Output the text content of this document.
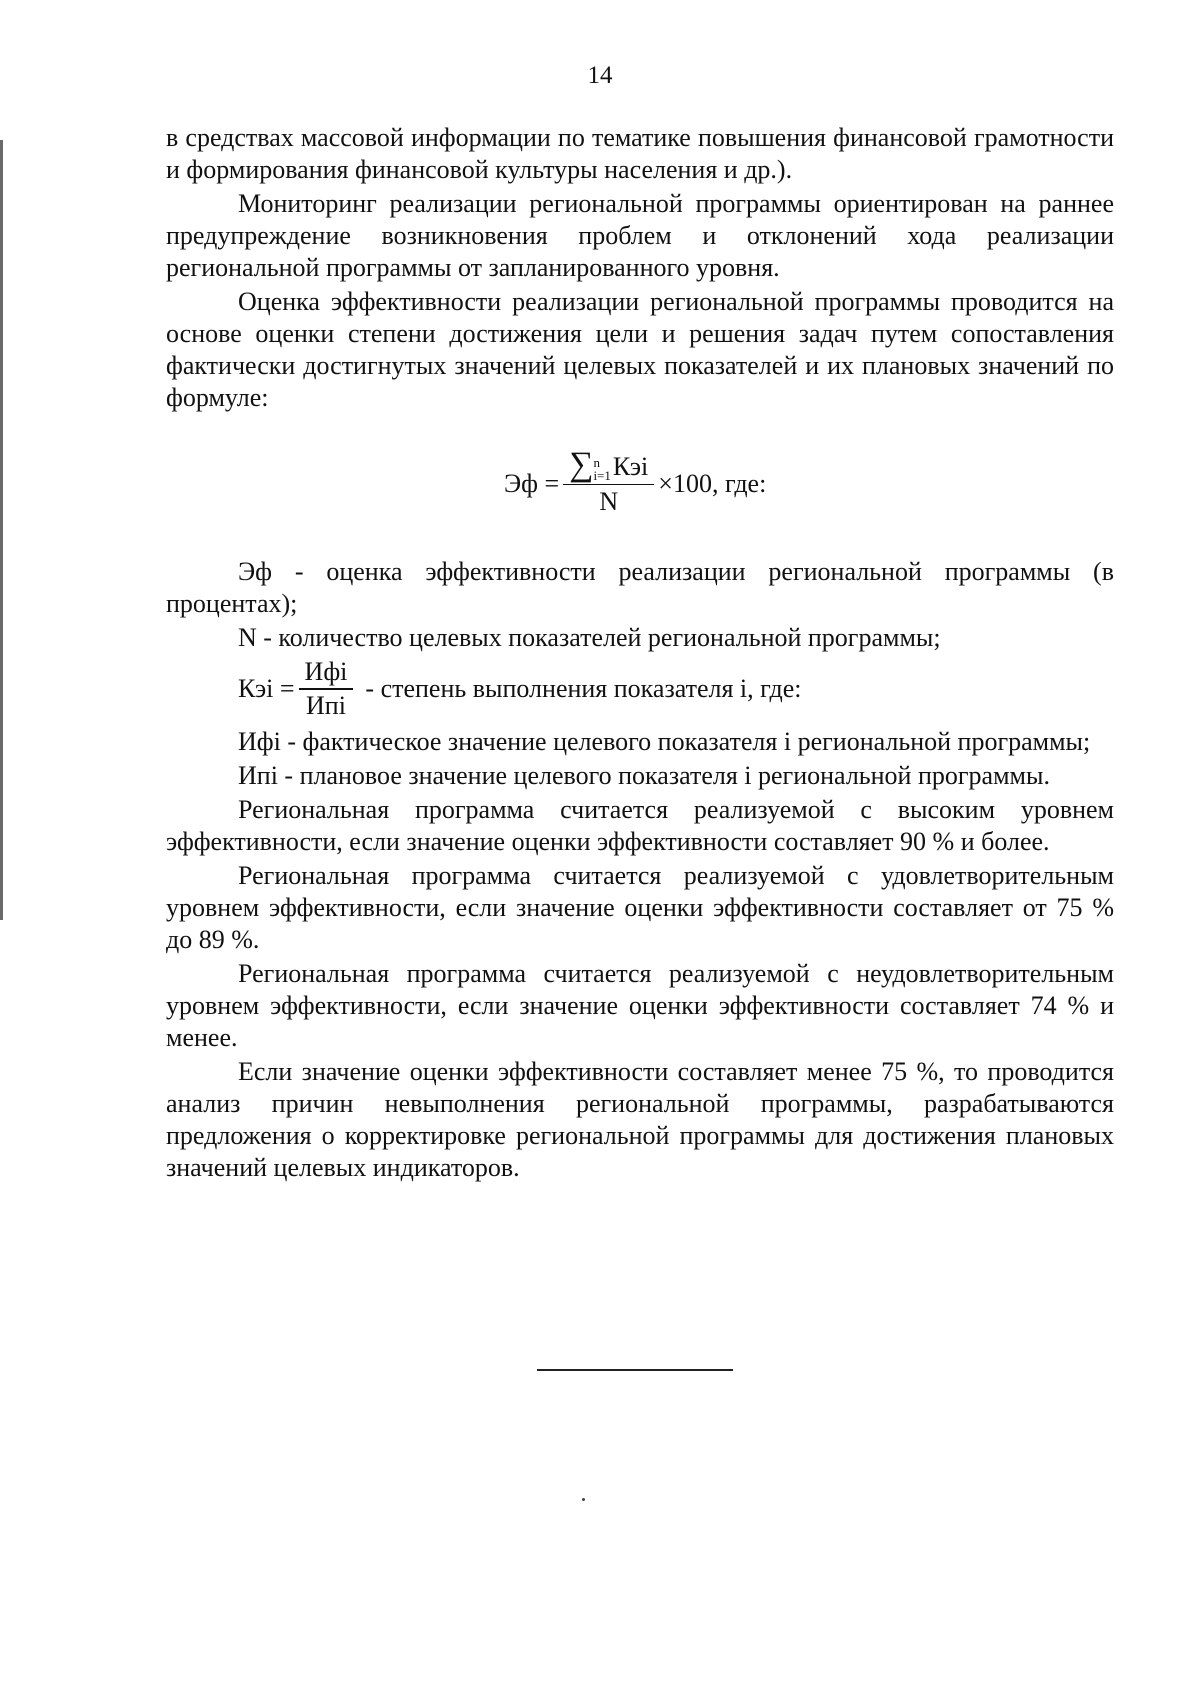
14

в средствах массовой информации по тематике повышения финансовой грамотности и формирования финансовой культуры населения и др.).

Мониторинг реализации региональной программы ориентирован на раннее предупреждение возникновения проблем и отклонений хода реализации региональной программы от запланированного уровня.

Оценка эффективности реализации региональной программы проводится на основе оценки степени достижения цели и решения задач путем сопоставления фактически достигнутых значений целевых показателей и их плановых значений по формуле:

Эф = ∑ n
i=1 Кэi
N ×100, где:

Эф - оценка эффективности реализации региональной программы (в процентах);

N - количество целевых показателей региональной программы;

Кэi = $\frac{\text{Ифi}}{\text{Ипi}}$ - степень выполнения показателя i, где:

Ифi - фактическое значение целевого показателя i региональной программы;

Ипi - плановое значение целевого показателя i региональной программы.

Региональная программа считается реализуемой с высоким уровнем эффективности, если значение оценки эффективности составляет 90 % и более.

Региональная программа считается реализуемой с удовлетворительным уровнем эффективности, если значение оценки эффективности составляет от 75 % до 89 %.

Региональная программа считается реализуемой с неудовлетворительным уровнем эффективности, если значение оценки эффективности составляет 74 % и менее.

Если значение оценки эффективности составляет менее 75 %, то проводится анализ причин невыполнения региональной программы, разрабатываются предложения о корректировке региональной программы для достижения плановых значений целевых индикаторов.
